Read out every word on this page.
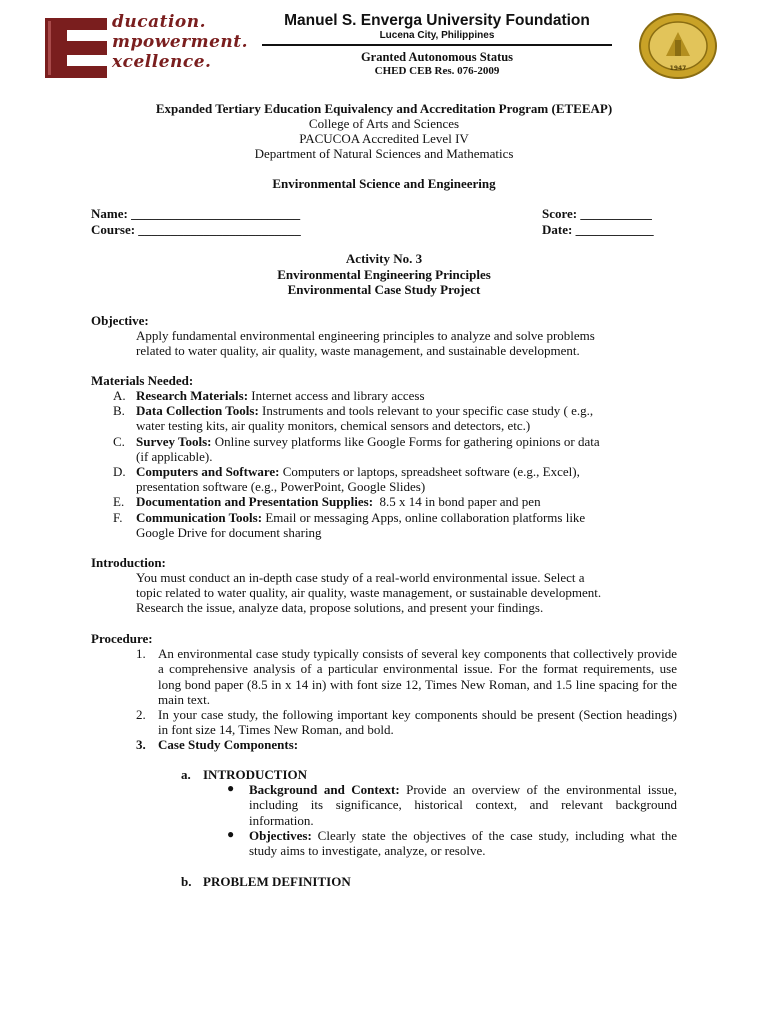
ducation.
mpowerment.
xcellence.
Manuel S. Enverga University Foundation
Lucena City, Philippines
Granted Autonomous Status
CHED CEB Res. 076-2009	1947
Expanded Tertiary Education Equivalency and Accreditation Program (ETEEAP)
College of Arts and Sciences
PACUCOA Accredited Level IV
Department of Natural Sciences and Mathematics
Environmental Science and Engineering
Name: __________________________
Course: _________________________
Score: ___________
Date: ____________
Activity No. 3
Environmental Engineering Principles
Environmental Case Study Project
Objective:
Apply fundamental environmental engineering principles to analyze and solve problems
related to water quality, air quality, waste management, and sustainable development.
Materials Needed:
A. Research Materials: Internet access and library access
B. Data Collection Tools: Instruments and tools relevant to your specific case study ( e.g.,
water testing kits, air quality monitors, chemical sensors and detectors, etc.)
C. Survey Tools: Online survey platforms like Google Forms for gathering opinions or data
(if applicable).
D. Computers and Software: Computers or laptops, spreadsheet software (e.g., Excel),
presentation software (e.g., PowerPoint, Google Slides)
E. Documentation and Presentation Supplies:  8.5 x 14 in bond paper and pen
F. Communication Tools: Email or messaging Apps, online collaboration platforms like
Google Drive for document sharing
Introduction:
You must conduct an in-depth case study of a real-world environmental issue. Select a
topic related to water quality, air quality, waste management, or sustainable development.
Research the issue, analyze data, propose solutions, and present your findings.
Procedure:
1. An environmental case study typically consists of several key components that collectively provide a comprehensive analysis of a particular environmental issue. For the format requirements, use long bond paper (8.5 in x 14 in) with font size 12, Times New Roman, and 1.5 line spacing for the main text.
2. In your case study, the following important key components should be present (Section headings) in font size 14, Times New Roman, and bold.
3. Case Study Components:
a. INTRODUCTION
● Background and Context: Provide an overview of the environmental issue, including its significance, historical context, and relevant background information.
● Objectives: Clearly state the objectives of the case study, including what the study aims to investigate, analyze, or resolve.
b. PROBLEM DEFINITION
